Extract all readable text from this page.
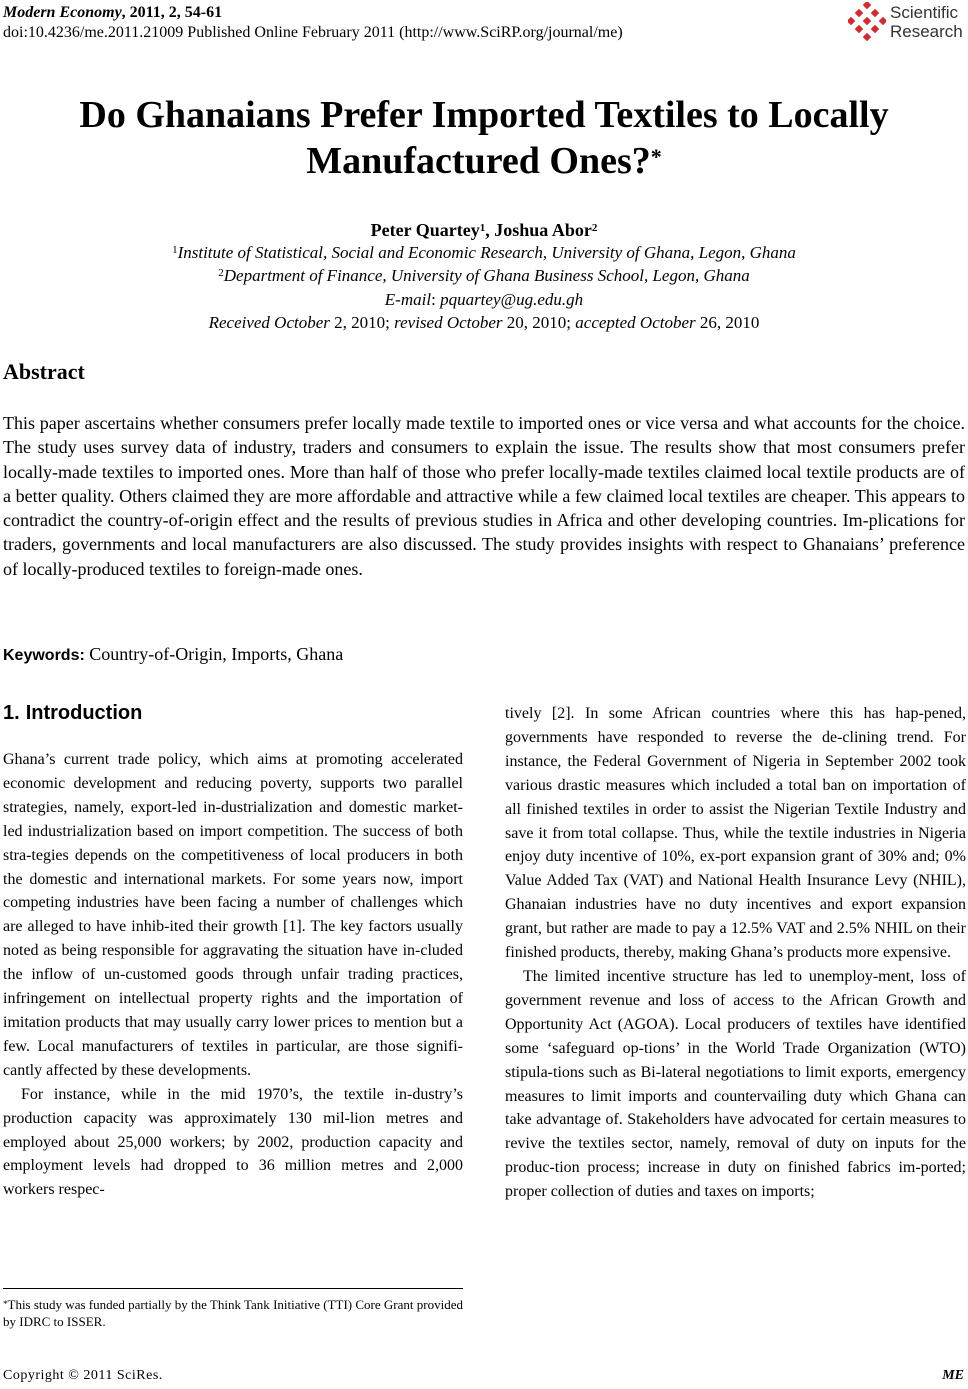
Modern Economy, 2011, 2, 54-61
doi:10.4236/me.2011.21009 Published Online February 2011 (http://www.SciRP.org/journal/me)
Scientific
Research
Do Ghanaians Prefer Imported Textiles to Locally
Manufactured Ones?*
Peter Quartey$^1$, Joshua Abor$^2$
$^1$Institute of Statistical, Social and Economic Research, University of Ghana, Legon, Ghana
$^2$Department of Finance, University of Ghana Business School, Legon, Ghana
E-mail: pquartey@ug.edu.gh
Received October 2, 2010; revised October 20, 2010; accepted October 26, 2010
Abstract
This paper ascertains whether consumers prefer locally made textile to imported ones or vice versa and what accounts for the choice. The study uses survey data of industry, traders and consumers to explain the issue. The results show that most consumers prefer locally-made textiles to imported ones. More than half of those who prefer locally-made textiles claimed local textile products are of a better quality. Others claimed they are more affordable and attractive while a few claimed local textiles are cheaper. This appears to contradict the country-of-origin effect and the results of previous studies in Africa and other developing countries. Im-plications for traders, governments and local manufacturers are also discussed. The study provides insights with respect to Ghanaians’ preference of locally-produced textiles to foreign-made ones.
Keywords: Country-of-Origin, Imports, Ghana
1. Introduction

Ghana’s current trade policy, which aims at promoting accelerated economic development and reducing poverty, supports two parallel strategies, namely, export-led in-dustrialization and domestic market-led industrialization based on import competition. The success of both stra-tegies depends on the competitiveness of local producers in both the domestic and international markets. For some years now, import competing industries have been facing a number of challenges which are alleged to have inhib-ited their growth [1]. The key factors usually noted as being responsible for aggravating the situation have in-cluded the inflow of un-customed goods through unfair trading practices, infringement on intellectual property rights and the importation of imitation products that may usually carry lower prices to mention but a few. Local manufacturers of textiles in particular, are those signifi-cantly affected by these developments.

For instance, while in the mid 1970’s, the textile in-dustry’s production capacity was approximately 130 mil-lion metres and employed about 25,000 workers; by 2002, production capacity and employment levels had dropped to 36 million metres and 2,000 workers respec-

tively [2]. In some African countries where this has hap-pened, governments have responded to reverse the de-clining trend. For instance, the Federal Government of Nigeria in September 2002 took various drastic measures which included a total ban on importation of all finished textiles in order to assist the Nigerian Textile Industry and save it from total collapse. Thus, while the textile industries in Nigeria enjoy duty incentive of 10%, ex-port expansion grant of 30% and; 0% Value Added Tax (VAT) and National Health Insurance Levy (NHIL), Ghanaian industries have no duty incentives and export expansion grant, but rather are made to pay a 12.5% VAT and 2.5% NHIL on their finished products, thereby, making Ghana’s products more expensive.

The limited incentive structure has led to unemploy-ment, loss of government revenue and loss of access to the African Growth and Opportunity Act (AGOA). Local producers of textiles have identified some ‘safeguard op-tions’ in the World Trade Organization (WTO) stipula-tions such as Bi-lateral negotiations to limit exports, emergency measures to limit imports and countervailing duty which Ghana can take advantage of. Stakeholders have advocated for certain measures to revive the textiles sector, namely, removal of duty on inputs for the produc-tion process; increase in duty on finished fabrics im-ported; proper collection of duties and taxes on imports;

*This study was funded partially by the Think Tank Initiative (TTI) Core Grant provided by IDRC to ISSER.
Copyright © 2011 SciRes.	ME
